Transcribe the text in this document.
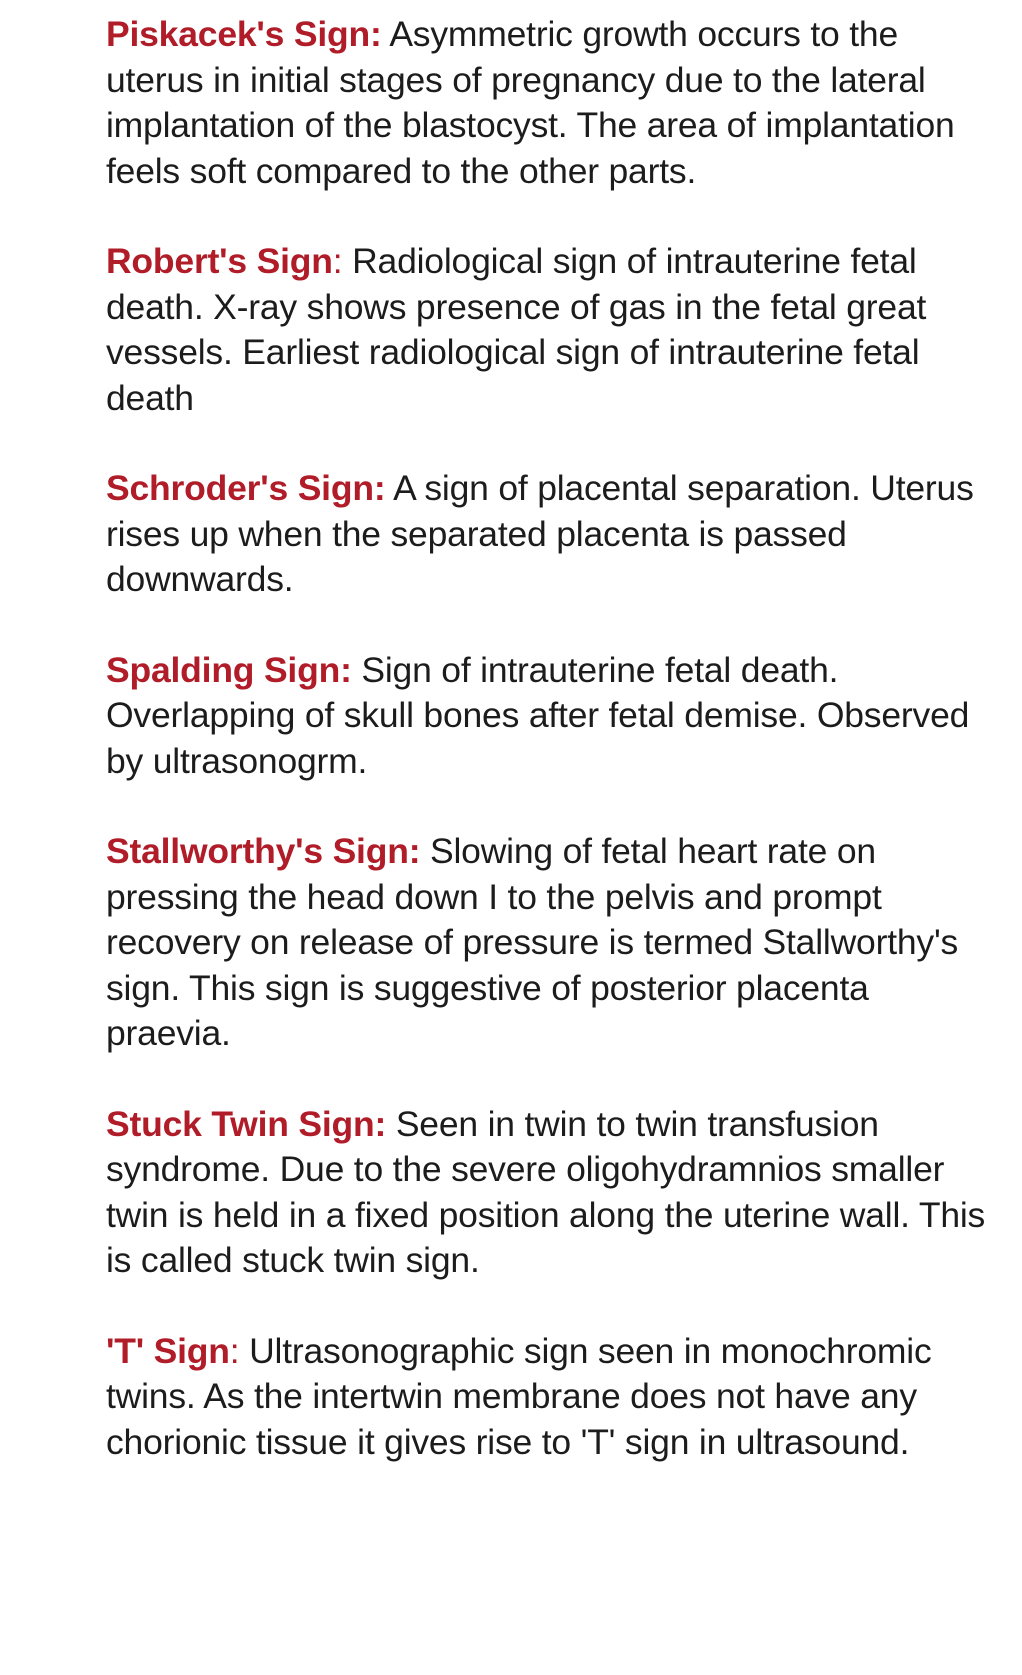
Piskacek's Sign: Asymmetric growth occurs to the uterus in initial stages of pregnancy due to the lateral implantation of the blastocyst. The area of implantation feels soft compared to the other parts.

Robert's Sign: Radiological sign of intrauterine fetal death. X-ray shows presence of gas in the fetal great vessels. Earliest radiological sign of intrauterine fetal death

Schroder's Sign: A sign of placental separation. Uterus rises up when the separated placenta is passed downwards.

Spalding Sign: Sign of intrauterine fetal death. Overlapping of skull bones after fetal demise. Observed by ultrasonogrm.

Stallworthy's Sign: Slowing of fetal heart rate on pressing the head down I to the pelvis and prompt recovery on release of pressure is termed Stallworthy's sign. This sign is suggestive of posterior placenta praevia.

Stuck Twin Sign: Seen in twin to twin transfusion syndrome. Due to the severe oligohydramnios smaller twin is held in a fixed position along the uterine wall. This is called stuck twin sign.

'T' Sign: Ultrasonographic sign seen in monochromic twins. As the intertwin membrane does not have any chorionic tissue it gives rise to 'T' sign in ultrasound.
